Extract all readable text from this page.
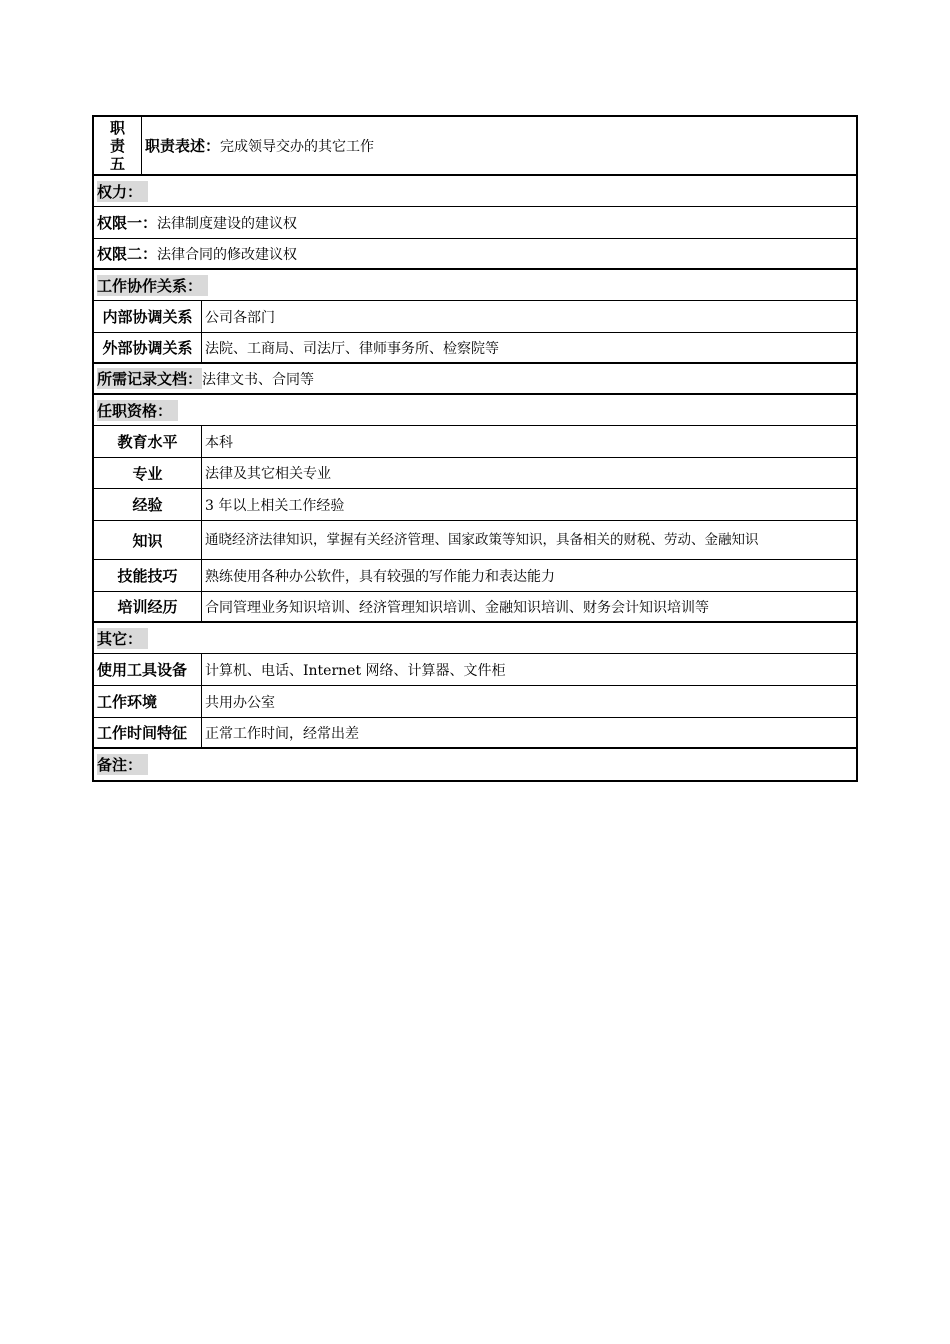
职
责
五
职责表述： 完成领导交办的其它工作
权力：
权限一： 法律制度建设的建议权
权限二： 法律合同的修改建议权
工作协作关系：
内部协调关系 公司各部门
外部协调关系 法院、工商局、司法厅、律师事务所、检察院等
所需记录文档： 法律文书、合同等
任职资格：
教育水平	本科
专业	法律及其它相关专业
经验	3 年以上相关工作经验
知识	通晓经济法律知识，掌握有关经济管理、国家政策等知识，具备相关的财税、劳动、金融知识
技能技巧	熟练使用各种办公软件，具有较强的写作能力和表达能力
培训经历	合同管理业务知识培训、经济管理知识培训、金融知识培训、财务会计知识培训等
其它：
使用工具设备	计算机、电话、Internet 网络、计算器、文件柜
工作环境	共用办公室
工作时间特征	正常工作时间，经常出差
备注：
